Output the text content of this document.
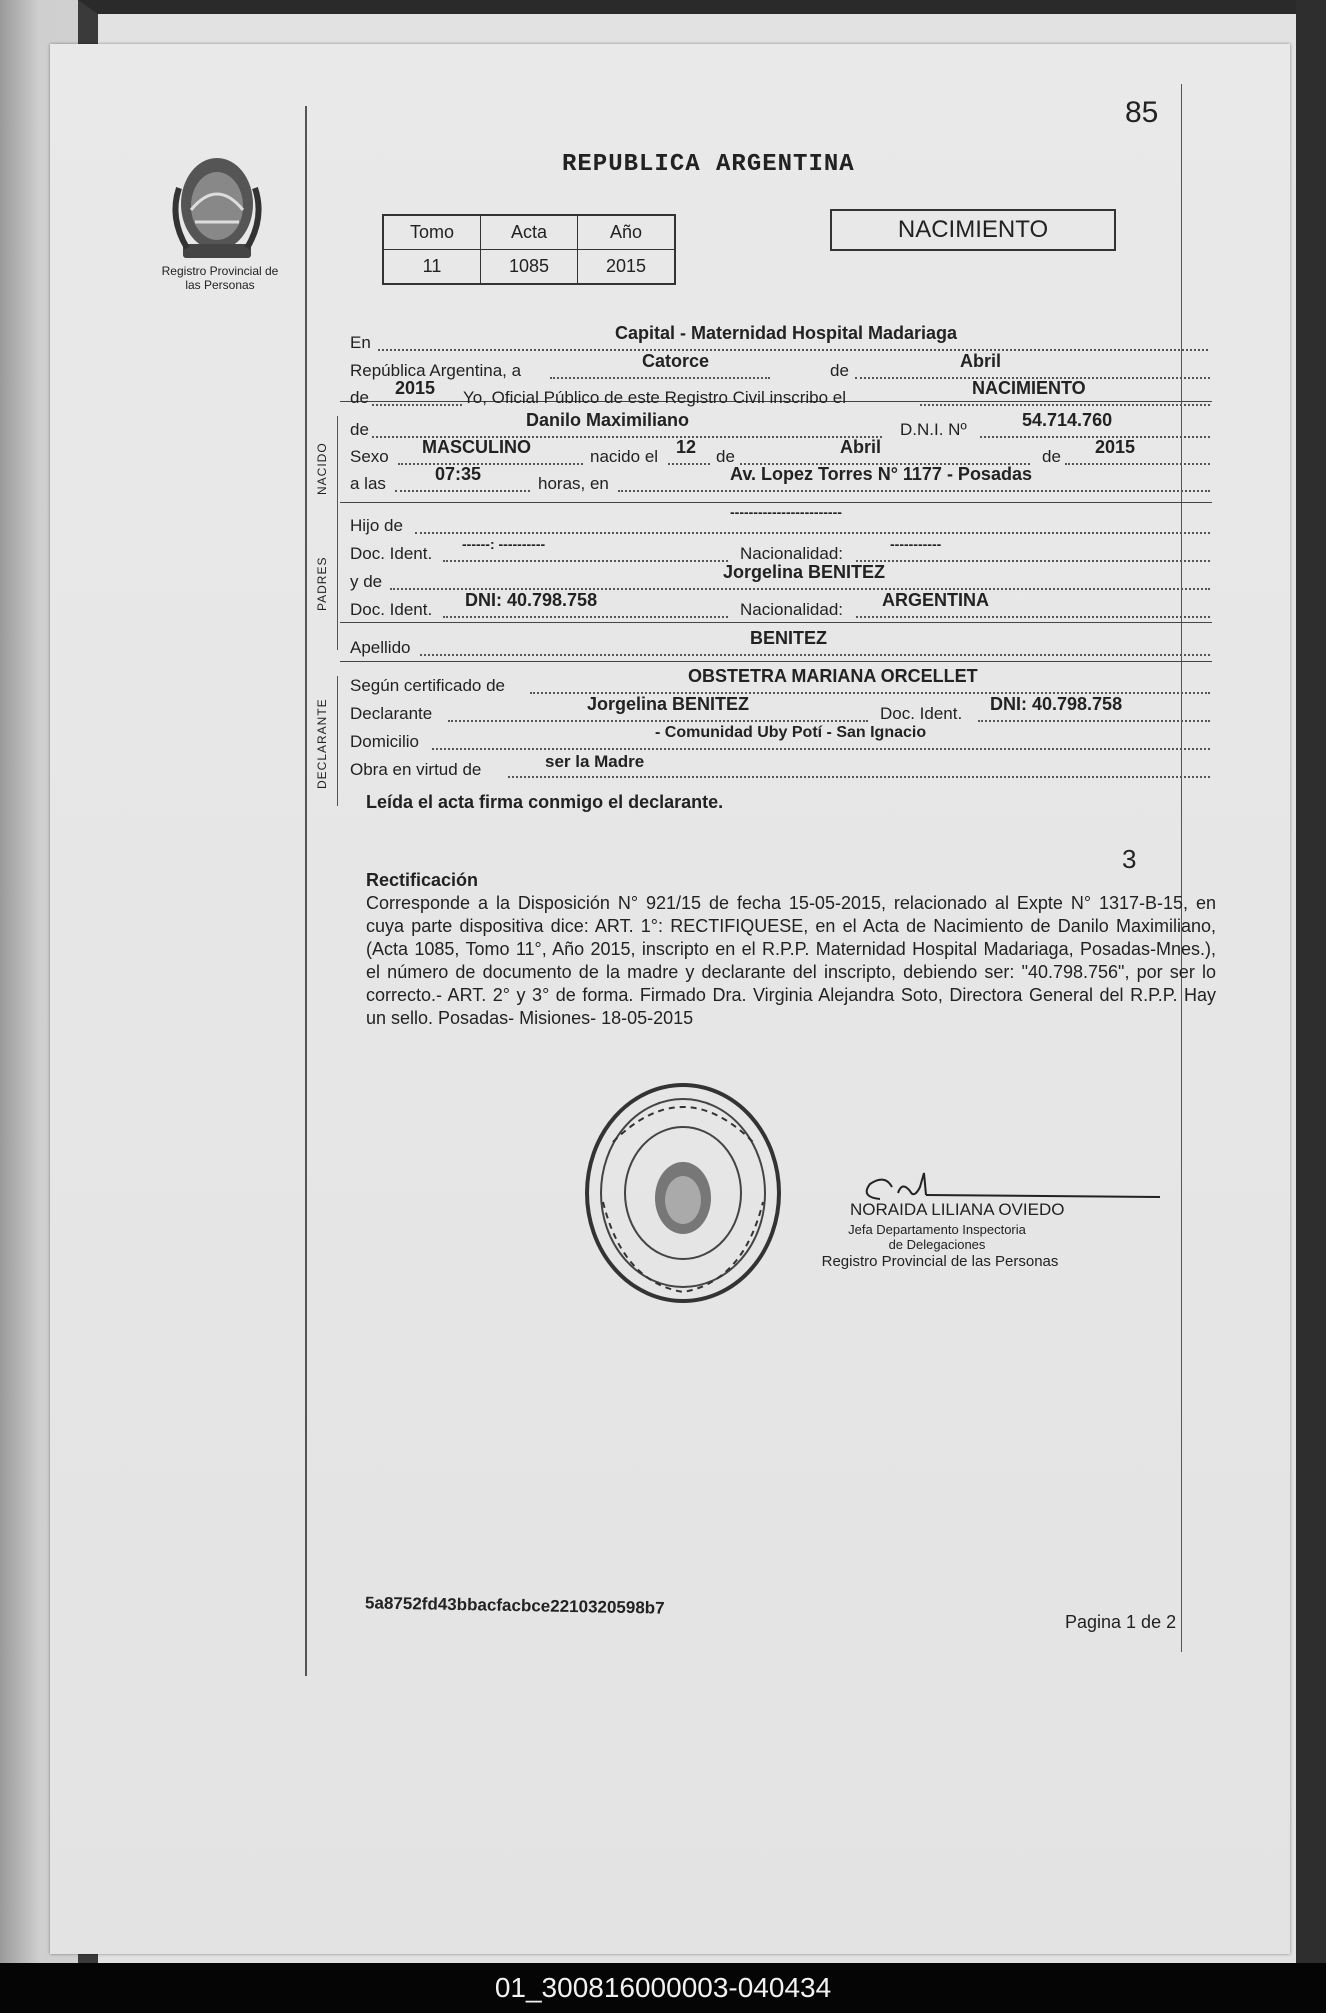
85
REPUBLICA ARGENTINA
Registro Provincial de las Personas
Tomo	Acta	Año
11	1085	2015
NACIMIENTO
NACIDO
PADRES
DECLARANTE
En	Capital - Maternidad Hospital Madariaga
República Argentina, a	Catorce	de	Abril
de 2015 Yo, Oficial Público de este Registro Civil inscribo el	NACIMIENTO
de	Danilo Maximiliano	D.N.I. Nº	54.714.760
Sexo MASCULINO	nacido el 12 de	Abril	de 2015
a las	07:35	horas, en	Av. Lopez Torres N° 1177 - Posadas
Hijo de
------------------------
Doc. Ident. ------: ----------	Nacionalidad:	-----------
y de	Jorgelina BENITEZ
Doc. Ident. DNI: 40.798.758	Nacionalidad: ARGENTINA
Apellido	BENITEZ
Según certificado de	OBSTETRA MARIANA ORCELLET
Declarante	Jorgelina BENITEZ	Doc. Ident. DNI: 40.798.758
Domicilio	- Comunidad Uby Potí - San Ignacio
Obra en virtud de	ser la Madre
Leída el acta firma conmigo el declarante.
3
Rectificación
Corresponde a la Disposición N° 921/15 de fecha 15-05-2015, relacionado al Expte N° 1317-B-15, en cuya parte dispositiva dice: ART. 1°: RECTIFIQUESE, en el Acta de Nacimiento de Danilo Maximiliano, (Acta 1085, Tomo 11°, Año 2015, inscripto en el R.P.P. Maternidad Hospital Madariaga, Posadas-Mnes.), el número de documento de la madre y declarante del inscripto, debiendo ser: "40.798.756", por ser lo correcto.- ART. 2° y 3° de forma. Firmado Dra. Virginia Alejandra Soto, Directora General del R.P.P. Hay un sello. Posadas- Misiones- 18-05-2015
NORAIDA LILIANA OVIEDO
Jefa Departamento Inspectoria
de Delegaciones
Registro Provincial de las Personas
5a8752fd43bbacfacbce2210320598b7
Pagina 1 de 2
01_300816000003-040434
